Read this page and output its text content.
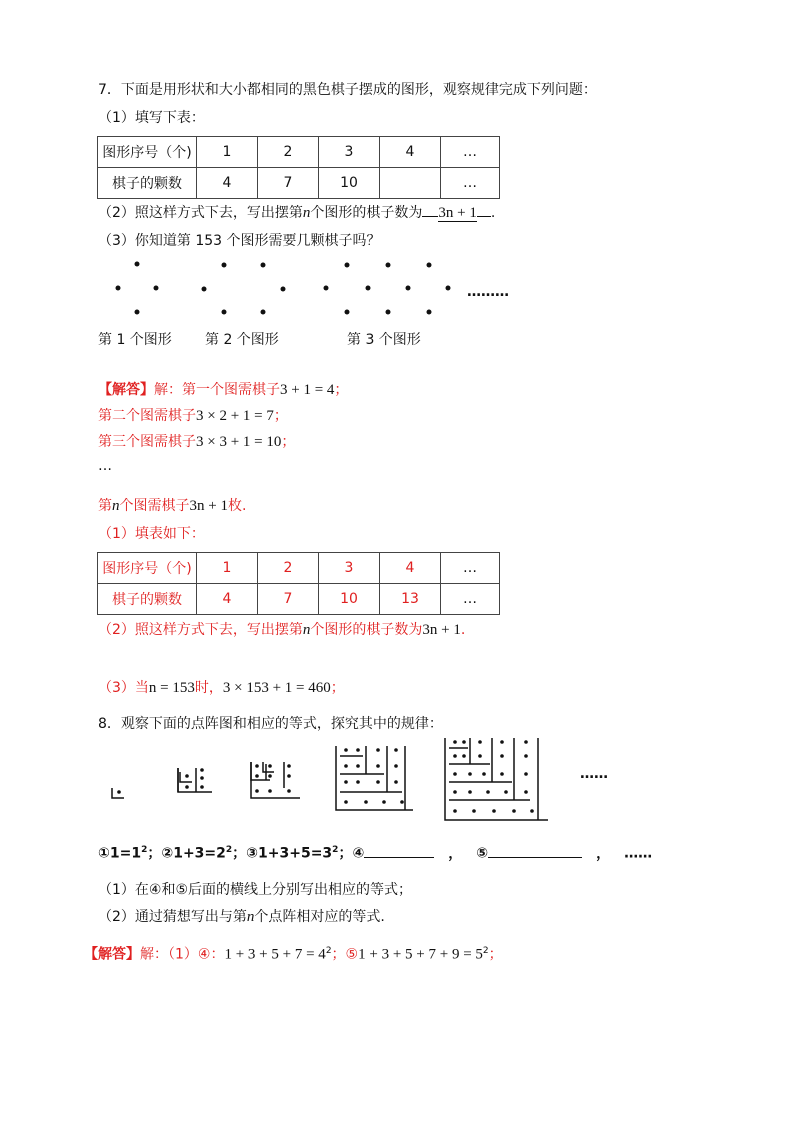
7．下面是用形状和大小都相同的黑色棋子摆成的图形，观察规律完成下列问题：
（1）填写下表：
图形序号（个)	1	2	3	4	…
棋子的颗数	4	7	10		…
（2）照这样方式下去，写出摆第n个图形的棋子数为 3n + 1 .
（3）你知道第 153 个图形需要几颗棋子吗？
………
第 1 个图形 第 2 个图形	第 3 个图形
【解答】解：第一个图需棋子3 + 1 = 4；
第二个图需棋子3 × 2 + 1 = 7；
第三个图需棋子3 × 3 + 1 = 10；
…
第n个图需棋子3n + 1枚.
（1）填表如下：
图形序号（个)	1	2	3	4	…
棋子的颗数	4	7	10	13	…
（2）照这样方式下去，写出摆第n个图形的棋子数为3n + 1.
（3）当n = 153时，3 × 153 + 1 = 460；
8．观察下面的点阵图和相应的等式，探究其中的规律：
……
$①1=1^2$；$②1+3=2^2$；$③1+3+5=3^2$；④	， ⑤	， ……
（1）在④和⑤后面的横线上分别写出相应的等式；
（2）通过猜想写出与第n个点阵相对应的等式.
【解答】解：（1）④：$1 + 3 + 5 + 7 = 4^2$；⑤1 + $3 + 5 + 7 + 9 = 5^2$；
